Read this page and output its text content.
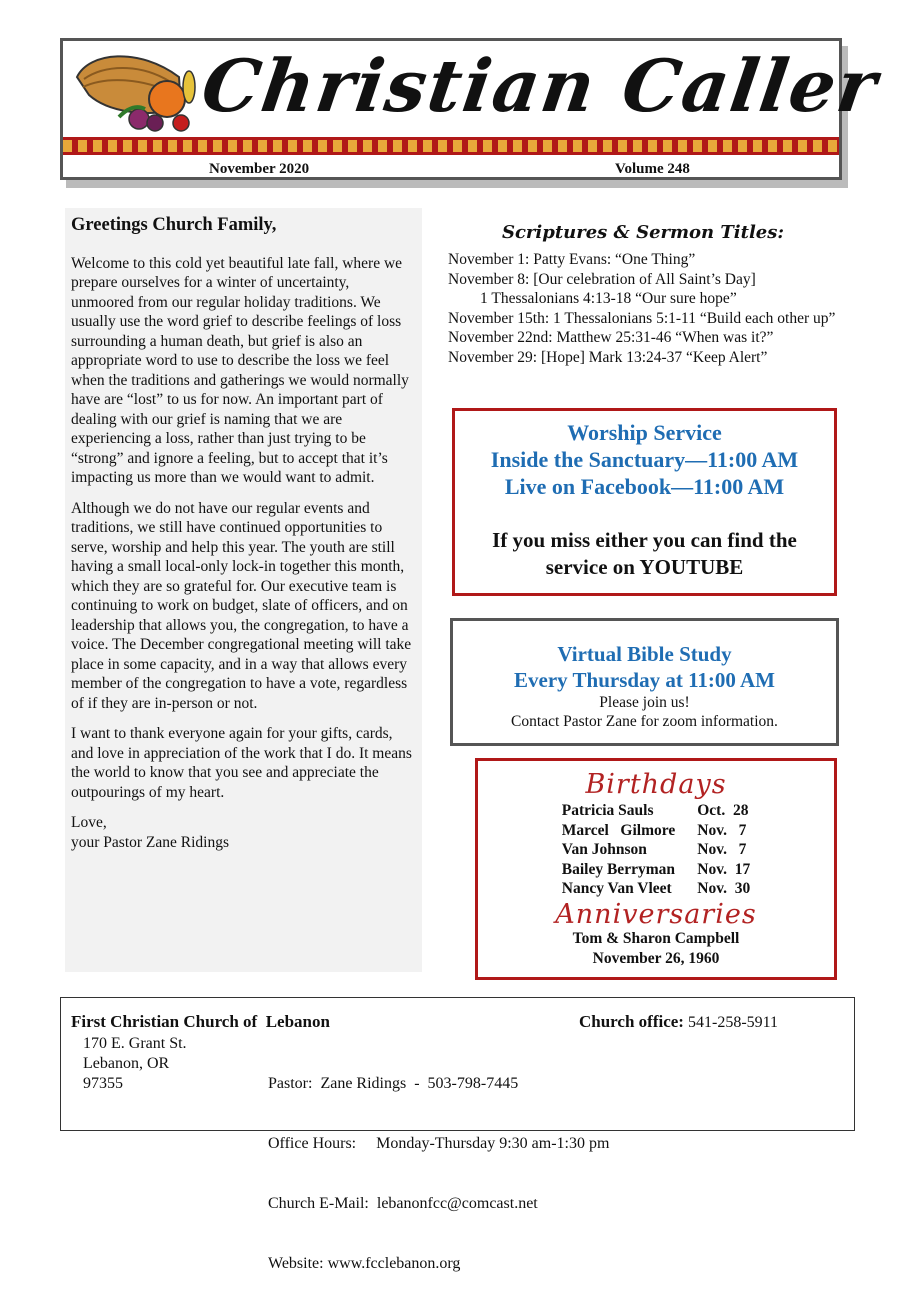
Christian Caller
November 2020	Volume 248
Greetings Church Family,

Welcome to this cold yet beautiful late fall, where we prepare ourselves for a winter of uncertainty, unmoored from our regular holiday traditions. We usually use the word grief to describe feelings of loss surrounding a human death, but grief is also an appropriate word to use to describe the loss we feel when the traditions and gatherings we would normally have are “lost” to us for now. An important part of dealing with our grief is naming that we are experiencing a loss, rather than just trying to be “strong” and ignore a feeling, but to accept that it’s impacting us more than we would want to admit.

Although we do not have our regular events and traditions, we still have continued opportunities to serve, worship and help this year. The youth are still having a small local-only lock-in together this month, which they are so grateful for. Our executive team is continuing to work on budget, slate of officers, and on leadership that allows you, the congregation, to have a voice. The December congregational meeting will take place in some capacity, and in a way that allows every member of the congregation to have a vote, regardless of if they are in-person or not.

I want to thank everyone again for your gifts, cards, and love in appreciation of the work that I do. It means the world to know that you see and appreciate the outpourings of my heart.

Love,
your Pastor Zane Ridings
Scriptures & Sermon Titles:
November 1: Patty Evans: “One Thing”
November 8: [Our celebration of All Saint’s Day]
1 Thessalonians 4:13-18 “Our sure hope”
November 15th: 1 Thessalonians 5:1-11 “Build each other up”
November 22nd: Matthew 25:31-46 “When was it?”
November 29: [Hope] Mark 13:24-37 “Keep Alert”
Worship Service
Inside the Sanctuary—11:00 AM
Live on Facebook—11:00 AM
If you miss either you can find the service on YOUTUBE
Virtual Bible Study
Every Thursday at 11:00 AM
Please join us!
Contact Pastor Zane for zoom information.
Birthdays
Patricia Sauls	Oct.  28
Marcel   Gilmore	Nov.   7
Van Johnson	Nov.   7
Bailey Berryman	Nov.  17
Nancy Van Vleet	Nov.  30
Anniversaries
Tom & Sharon Campbell
November 26, 1960
First Christian Church of  Lebanon	Church office: 541-258-5911
170 E. Grant St.
Lebanon, OR
97355

	Pastor:  Zane Ridings  -  503-798-7445

Office Hours:     Monday-Thursday 9:30 am-1:30 pm

Church E-Mail:  lebanonfcc@comcast.net

Website: www.fcclebanon.org
